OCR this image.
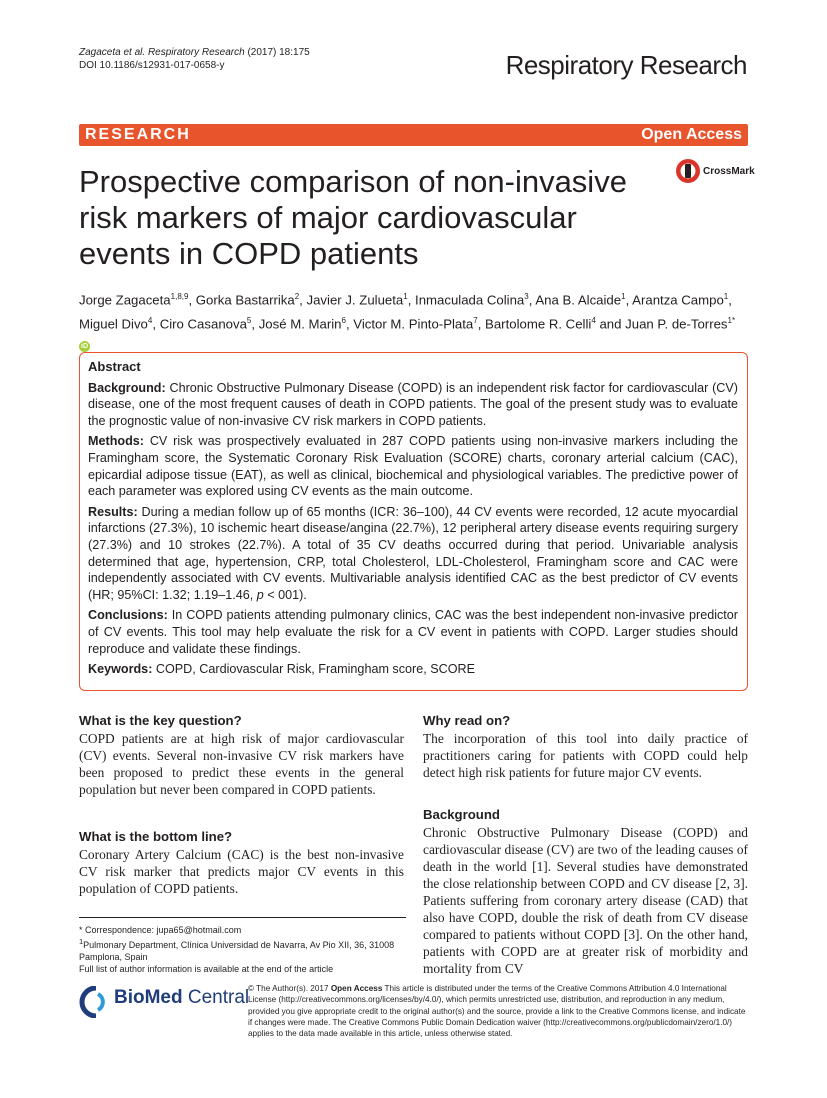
Zagaceta et al. Respiratory Research (2017) 18:175
DOI 10.1186/s12931-017-0658-y	Respiratory Research
RESEARCH	Open Access
Prospective comparison of non-invasive risk markers of major cardiovascular events in COPD patients
CrossMark
Jorge Zagaceta$^{1,8,9}$, Gorka Bastarrika$^2$, Javier J. Zulueta$^1$, Inmaculada Colina$^3$, Ana B. Alcaide$^1$, Arantza Campo$^1$, Miguel Divo$^4$, Ciro Casanova$^5$, José M. Marin$^6$, Victor M. Pinto-Plata$^7$, Bartolome R. Celli$^4$ and Juan P. de-Torres$^{1*}$ iD
Abstract

Background: Chronic Obstructive Pulmonary Disease (COPD) is an independent risk factor for cardiovascular (CV) disease, one of the most frequent causes of death in COPD patients. The goal of the present study was to evaluate the prognostic value of non-invasive CV risk markers in COPD patients.

Methods: CV risk was prospectively evaluated in 287 COPD patients using non-invasive markers including the Framingham score, the Systematic Coronary Risk Evaluation (SCORE) charts, coronary arterial calcium (CAC), epicardial adipose tissue (EAT), as well as clinical, biochemical and physiological variables. The predictive power of each parameter was explored using CV events as the main outcome.

Results: During a median follow up of 65 months (ICR: 36–100), 44 CV events were recorded, 12 acute myocardial infarctions (27.3%), 10 ischemic heart disease/angina (22.7%), 12 peripheral artery disease events requiring surgery (27.3%) and 10 strokes (22.7%). A total of 35 CV deaths occurred during that period. Univariable analysis determined that age, hypertension, CRP, total Cholesterol, LDL-Cholesterol, Framingham score and CAC were independently associated with CV events. Multivariable analysis identified CAC as the best predictor of CV events (HR; 95%CI: 1.32; 1.19–1.46, p < 001).

Conclusions: In COPD patients attending pulmonary clinics, CAC was the best independent non-invasive predictor of CV events. This tool may help evaluate the risk for a CV event in patients with COPD. Larger studies should reproduce and validate these findings.

Keywords: COPD, Cardiovascular Risk, Framingham score, SCORE

What is the key question?

COPD patients are at high risk of major cardiovascular (CV) events. Several non-invasive CV risk markers have been proposed to predict these events in the general population but never been compared in COPD patients.

What is the bottom line?

Coronary Artery Calcium (CAC) is the best non-invasive CV risk marker that predicts major CV events in this population of COPD patients.

Why read on?

The incorporation of this tool into daily practice of practitioners caring for patients with COPD could help detect high risk patients for future major CV events.

Background

Chronic Obstructive Pulmonary Disease (COPD) and cardiovascular disease (CV) are two of the leading causes of death in the world [1]. Several studies have demonstrated the close relationship between COPD and CV disease [2, 3]. Patients suffering from coronary artery disease (CAD) that also have COPD, double the risk of death from CV disease compared to patients without COPD [3]. On the other hand, patients with COPD are at greater risk of morbidity and mortality from CV

* Correspondence: jupa65@hotmail.com
$^1$Pulmonary Department, Clínica Universidad de Navarra, Av Pio XII, 36, 31008 Pamplona, Spain
Full list of author information is available at the end of the article
BioMed Central
© The Author(s). 2017 Open Access This article is distributed under the terms of the Creative Commons Attribution 4.0 International License (http://creativecommons.org/licenses/by/4.0/), which permits unrestricted use, distribution, and reproduction in any medium, provided you give appropriate credit to the original author(s) and the source, provide a link to the Creative Commons license, and indicate if changes were made. The Creative Commons Public Domain Dedication waiver (http://creativecommons.org/publicdomain/zero/1.0/) applies to the data made available in this article, unless otherwise stated.
